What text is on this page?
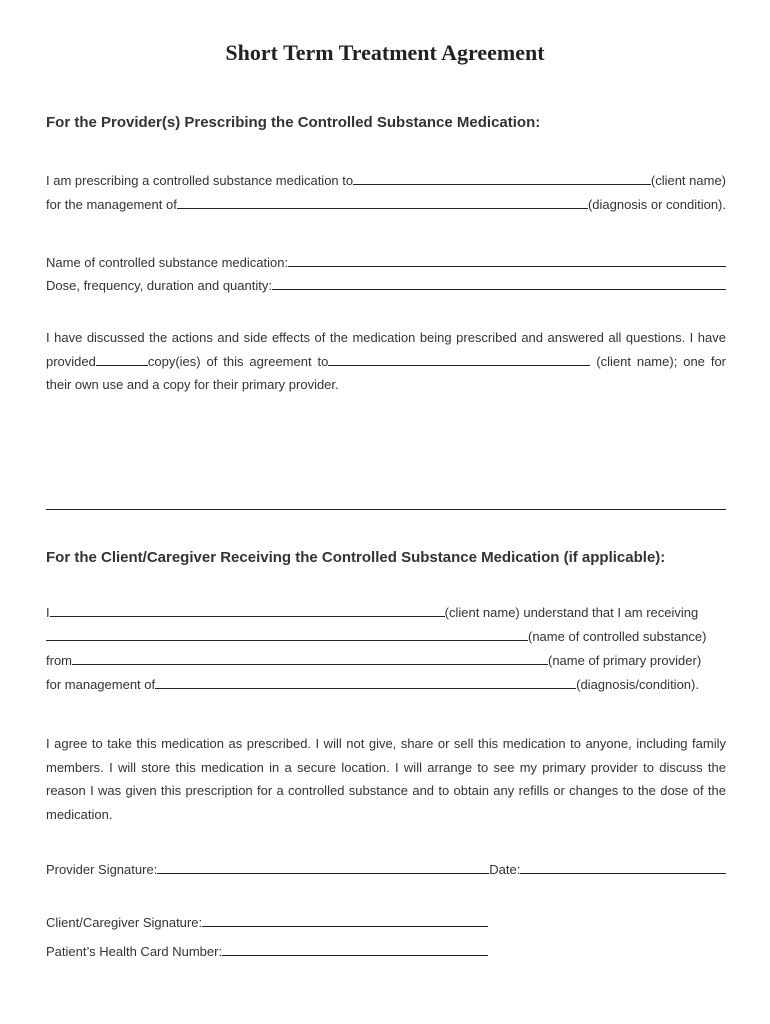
Short Term Treatment Agreement
For the Provider(s) Prescribing the Controlled Substance Medication:
I am prescribing a controlled substance medication to	(client name)
for the management of	(diagnosis or condition).
Name of controlled substance medication:
Dose, frequency, duration and quantity:
I have discussed the actions and side effects of the medication being prescribed and answered all questions. I have provided	copy(ies) of this agreement to	(client name); one for their own use and a copy for their primary provider.
For the Client/Caregiver Receiving the Controlled Substance Medication (if applicable):
I	(client name) understand that I am receiving
(name of controlled substance)
from	(name of primary provider)
for management of	(diagnosis/condition).
I agree to take this medication as prescribed. I will not give, share or sell this medication to anyone, including family members. I will store this medication in a secure location. I will arrange to see my primary provider to discuss the reason I was given this prescription for a controlled substance and to obtain any refills or changes to the dose of the medication.
Provider Signature:	Date:
Client/Caregiver Signature:
Patient’s Health Card Number:
